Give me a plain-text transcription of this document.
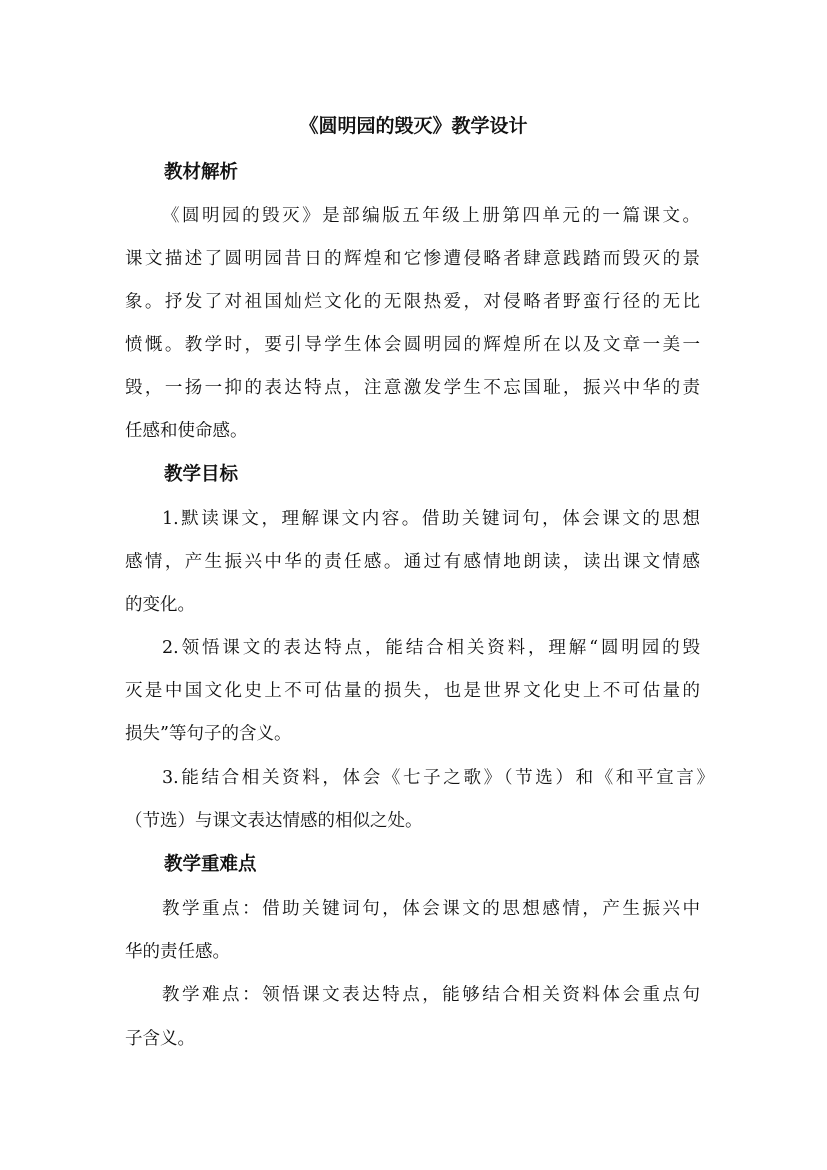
《圆明园的毁灭》教学设计
教材解析
《圆明园的毁灭》是部编版五年级上册第四单元的一篇课文。
课文描述了圆明园昔日的辉煌和它惨遭侵略者肆意践踏而毁灭的景
象。抒发了对祖国灿烂文化的无限热爱，对侵略者野蛮行径的无比
愤慨。教学时，要引导学生体会圆明园的辉煌所在以及文章一美一
毁，一扬一抑的表达特点，注意激发学生不忘国耻，振兴中华的责
任感和使命感。
教学目标
1.默读课文，理解课文内容。借助关键词句，体会课文的思想
感情，产生振兴中华的责任感。通过有感情地朗读，读出课文情感
的变化。
2.领悟课文的表达特点，能结合相关资料，理解“圆明园的毁
灭是中国文化史上不可估量的损失，也是世界文化史上不可估量的
损失”等句子的含义。
3.能结合相关资料，体会《七子之歌》（节选）和《和平宣言》
（节选）与课文表达情感的相似之处。
教学重难点
教学重点：借助关键词句，体会课文的思想感情，产生振兴中
华的责任感。
教学难点：领悟课文表达特点，能够结合相关资料体会重点句
子含义。
